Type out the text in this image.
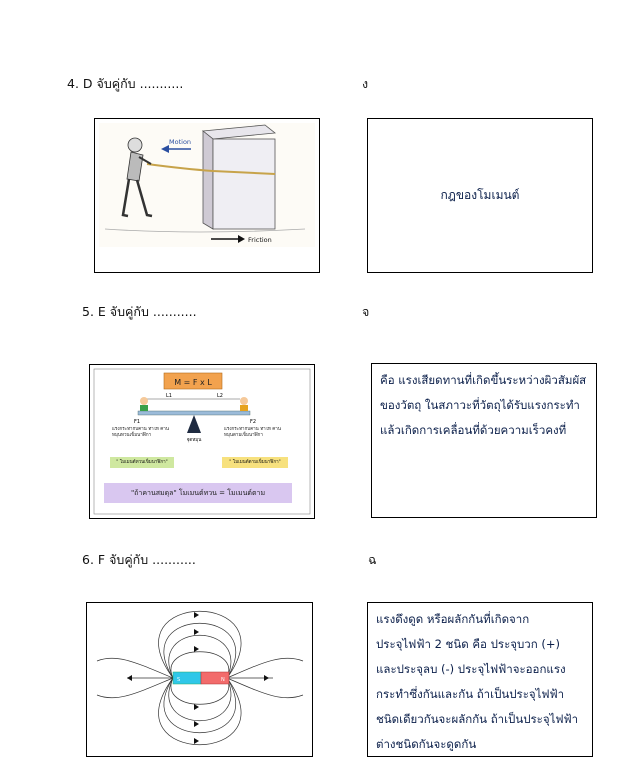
4. D จับคู่กับ ...........	ง
Motion
Friction
กฎของโมเมนต์
5. E จับคู่กับ ...........	จ
M = F x L
L1	L2
จุดหมุน
F1	F2
แรงกระทำกับคาน ทำให้ คานหมุนทวนเข็มนาฬิกา
แรงกระทำกับคาน ทำให้ คานหมุนตามเข็มนาฬิกา
" โมเมนต์ทวนเข็มนาฬิกา"	" โมเมนต์ตามเข็มนาฬิกา"
"ถ้าคานสมดุล" โมเมนต์ทวน = โมเมนต์ตาม
คือ แรงเสียดทานที่เกิดขึ้นระหว่างผิวสัมผัสของวัตถุ ในสภาวะที่วัตถุได้รับแรงกระทำแล้วเกิดการเคลื่อนที่ด้วยความเร็วคงที่
6. F จับคู่กับ ...........	ฉ
S	N
แรงดึงดูด หรือผลักกันที่เกิดจากประจุไฟฟ้า 2 ชนิด คือ ประจุบวก (+) และประจุลบ (-) ประจุไฟฟ้าจะออกแรงกระทำซึ่งกันและกัน ถ้าเป็นประจุไฟฟ้าชนิดเดียวกันจะผลักกัน ถ้าเป็นประจุไฟฟ้าต่างชนิดกันจะดูดกัน
